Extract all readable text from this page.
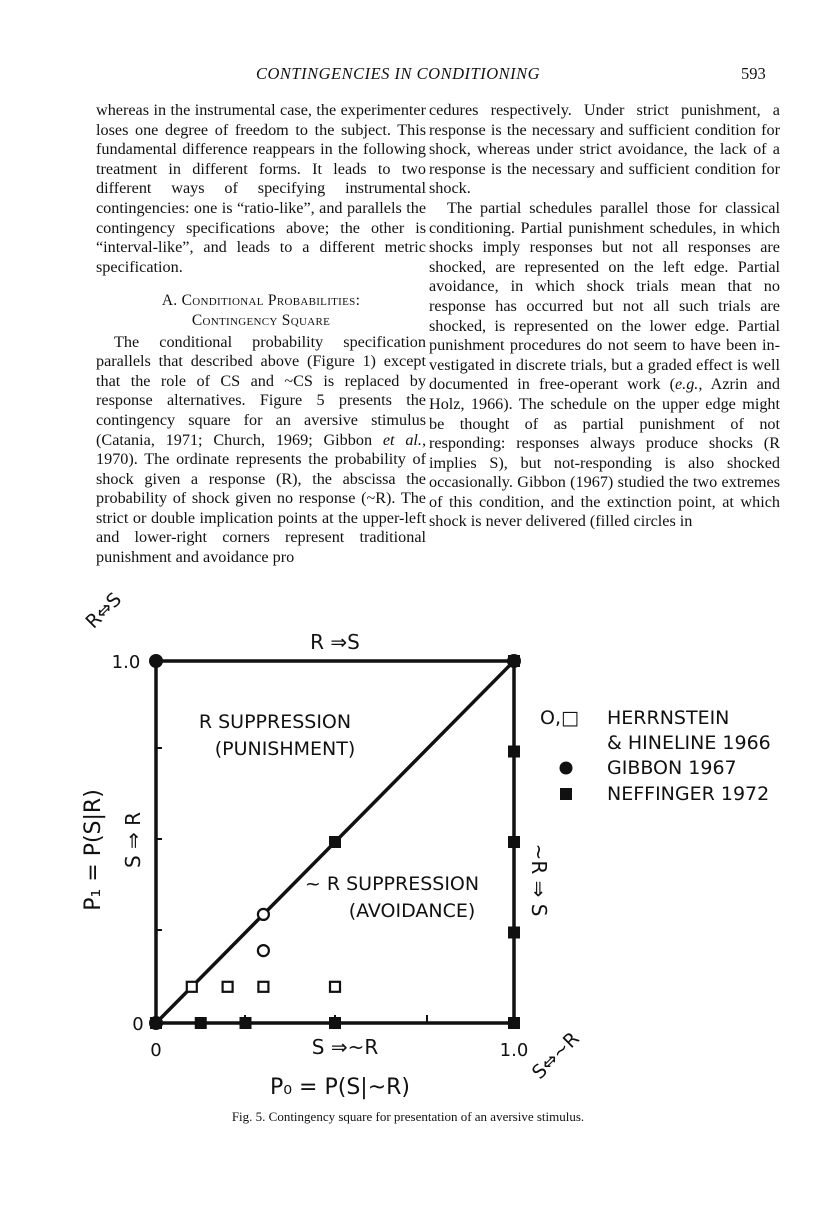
CONTINGENCIES IN CONDITIONING	593

whereas in the instrumental case, the experimenter loses one degree of freedom to the subject. This fundamental difference reappears in the following treatment in different forms. It leads to two different ways of specifying instrumental contingencies: one is “ratio-like”, and parallels the contingency specifications above; the other is “interval-like”, and leads to a different metric specification.

A. Conditional Probabilities:
Contingency Square

The conditional probability specification parallels that described above (Figure 1) except that the role of CS and ~CS is replaced by response alternatives. Figure 5 presents the contingency square for an aversive stimulus (Catania, 1971; Church, 1969; Gibbon et al., 1970). The ordinate represents the probability of shock given a response (R), the abscissa the probability of shock given no response (~R). The strict or double implication points at the upper-left and lower-right corners represent traditional punishment and avoidance pro

cedures respectively. Under strict punishment, a response is the necessary and sufficient condition for shock, whereas under strict avoidance, the lack of a response is the necessary and sufficient condition for shock.

The partial schedules parallel those for classical conditioning. Partial punishment schedules, in which shocks imply responses but not all responses are shocked, are represented on the left edge. Partial avoidance, in which shock trials mean that no response has occurred but not all such trials are shocked, is represented on the lower edge. Partial punishment procedures do not seem to have been investigated in discrete trials, but a graded effect is well documented in free-operant work (e.g., Azrin and Holz, 1966). The schedule on the upper edge might be thought of as partial punishment of not responding: responses always produce shocks (R implies S), but not-responding is also shocked occasionally. Gibbon (1967) studied the two extremes of this condition, and the extinction point, at which shock is never delivered (filled circles in

R ⇒S
S ⇒~R
S ⇒ R
~R ⇒ S
R⇔S
S⇔~R
P₁ = P(S|R)
P₀ = P(S|~R)
1.0
0
0	1.0
R SUPPRESSION
(PUNISHMENT)
~ R SUPPRESSION
(AVOIDANCE)
O,□ HERRNSTEIN
& HINELINE 1966
GIBBON 1967
NEFFINGER 1972
Fig. 5. Contingency square for presentation of an aversive stimulus.
